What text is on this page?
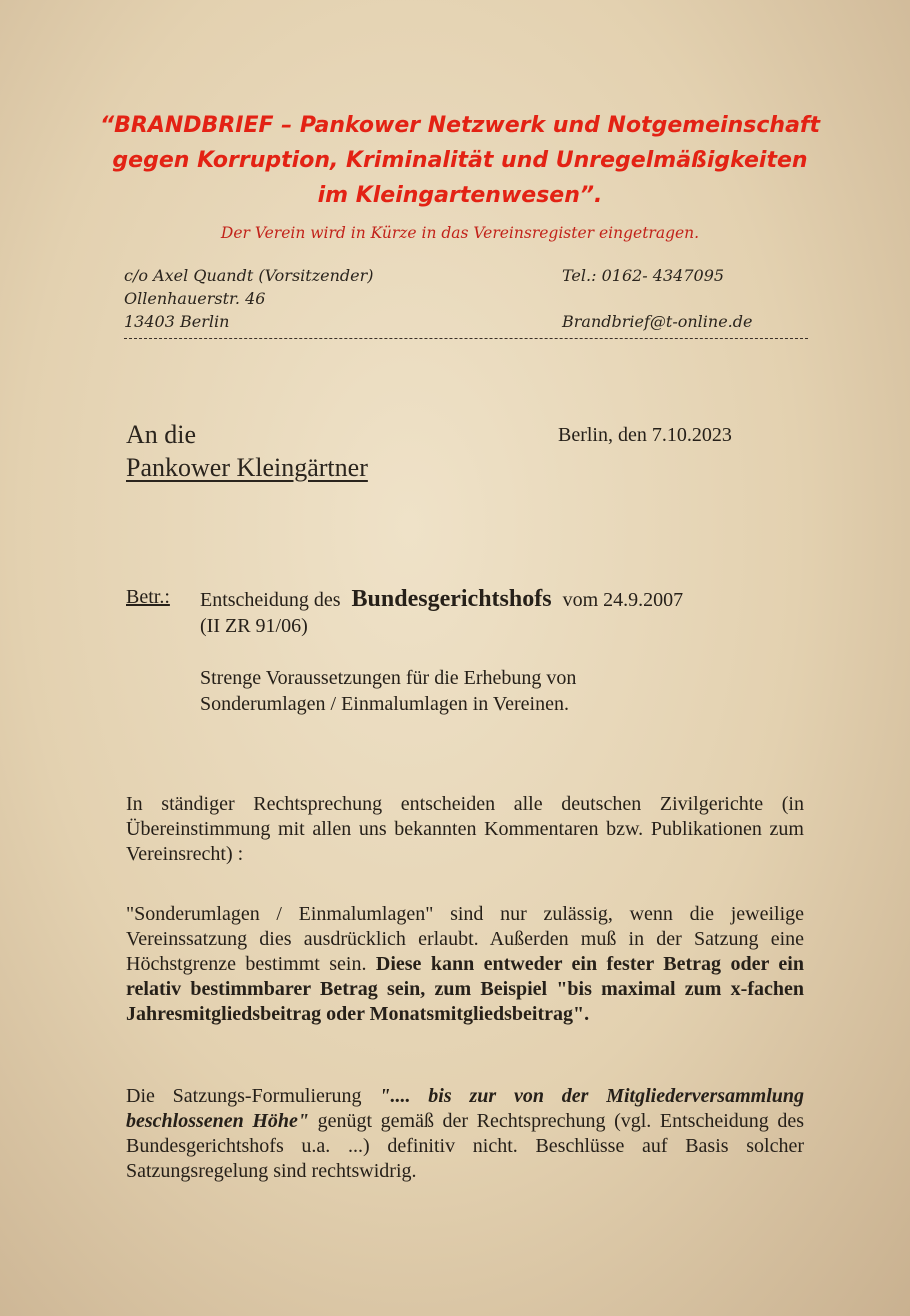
“BRANDBRIEF – Pankower Netzwerk und Notgemeinschaft
gegen Korruption, Kriminalität und Unregelmäßigkeiten
im Kleingartenwesen”.
Der Verein wird in Kürze in das Vereinsregister eingetragen.
c/o Axel Quandt (Vorsitzender)
Ollenhauerstr. 46
13403 Berlin
Tel.: 0162- 4347095
Brandbrief@t-online.de
An die
Pankower Kleingärtner
Berlin, den 7.10.2023
Betr.: Entscheidung des Bundesgerichtshofs vom 24.9.2007
(II ZR 91/06)
Strenge Voraussetzungen für die Erhebung von
Sonderumlagen / Einmalumlagen in Vereinen.
In ständiger Rechtsprechung entscheiden alle deutschen Zivilgerichte (in Übereinstimmung mit allen uns bekannten Kommentaren bzw. Publikationen zum Vereinsrecht) :
"Sonderumlagen / Einmalumlagen" sind nur zulässig, wenn die jeweilige Vereinssatzung dies ausdrücklich erlaubt. Außerden muß in der Satzung eine Höchstgrenze bestimmt sein. Diese kann entweder ein fester Betrag oder ein relativ bestimmbarer Betrag sein, zum Beispiel "bis maximal zum x-fachen Jahresmitgliedsbeitrag oder Monatsmitgliedsbeitrag".
Die Satzungs-Formulierung ".... bis zur von der Mitgliederversammlung beschlossenen Höhe" genügt gemäß der Rechtsprechung (vgl. Entscheidung des Bundesgerichtshofs u.a. ...) definitiv nicht. Beschlüsse auf Basis solcher Satzungsregelung sind rechtswidrig.
